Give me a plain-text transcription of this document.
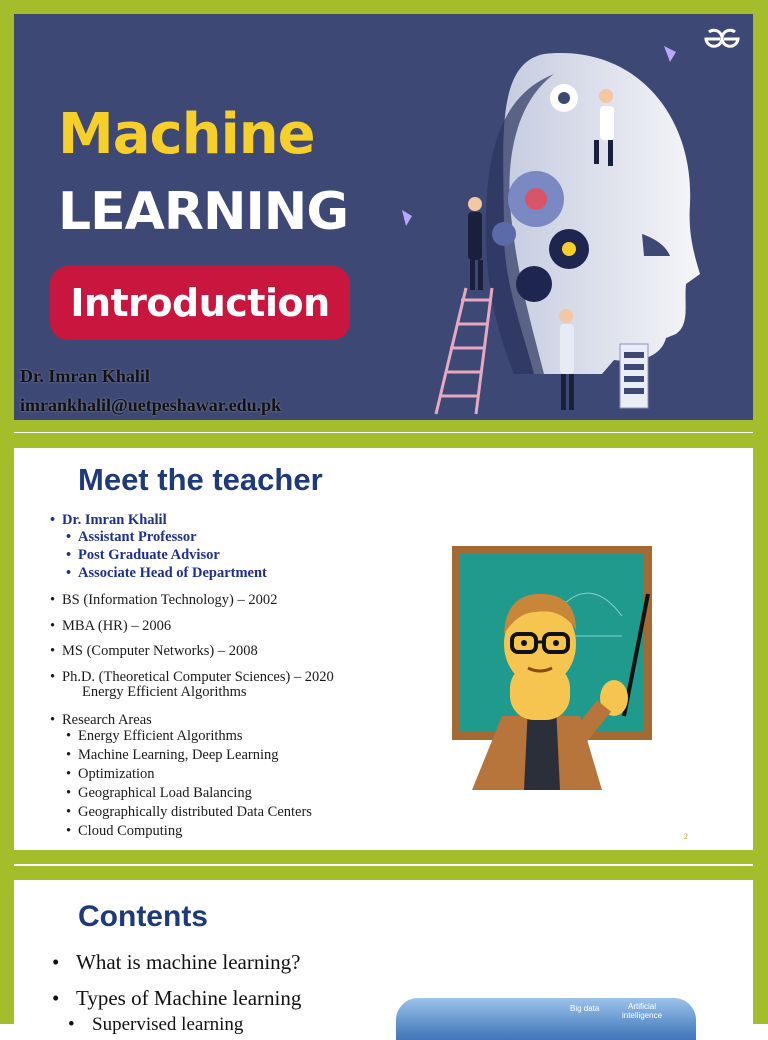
Machine
LEARNING
Introduction
Dr. Imran Khalil
imrankhalil@uetpeshawar.edu.pk
Meet the teacher
• Dr. Imran Khalil
• Assistant Professor
• Post Graduate Advisor
• Associate Head of Department
• BS (Information Technology) – 2002
• MBA (HR) – 2006
• MS (Computer Networks) – 2008
• Ph.D. (Theoretical Computer Sciences) – 2020
Energy Efficient Algorithms
• Research Areas
• Energy Efficient Algorithms
• Machine Learning, Deep Learning
• Optimization
• Geographical Load Balancing
• Geographically distributed Data Centers
• Cloud Computing	2
Contents
• What is machine learning?
• Types of Machine learning
• Supervised learning
Big data	Artificial intelligence
